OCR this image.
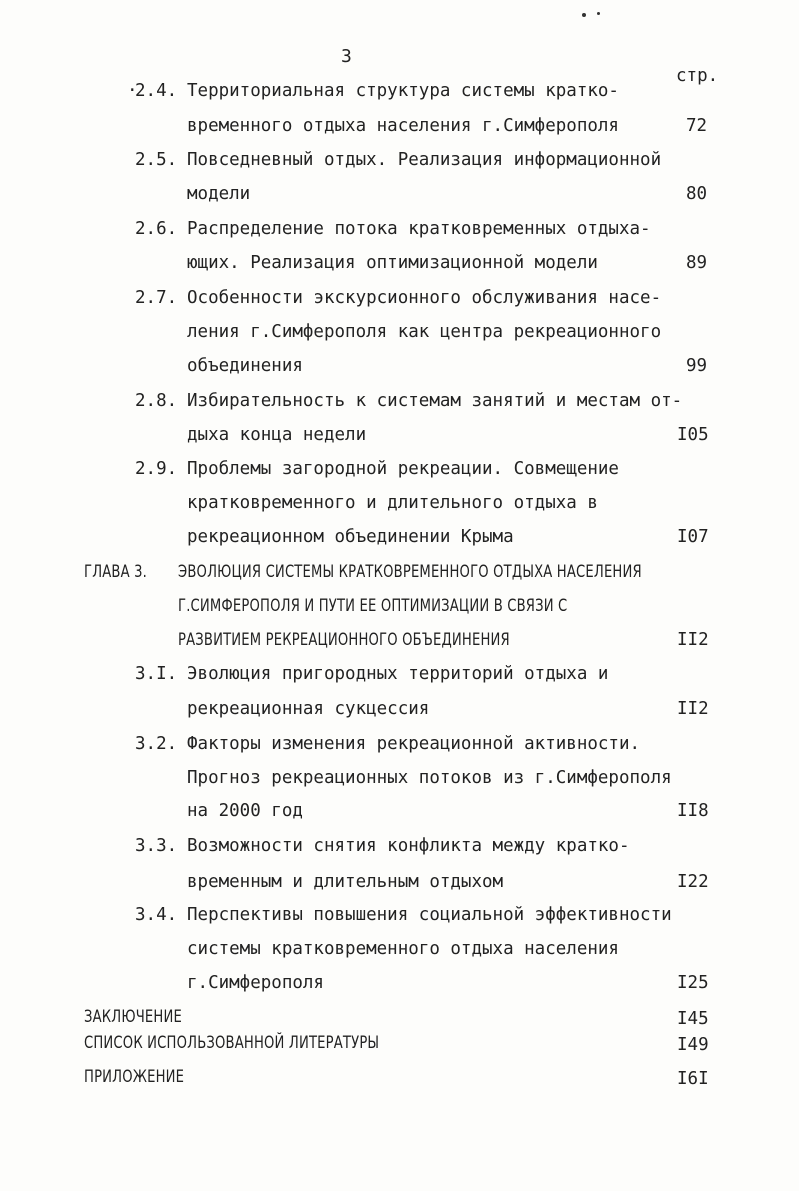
3
стр.
·
2.4. Территориальная структура системы кратко-
временного отдыха населения г.Симферополя	72
2.5. Повседневный отдых. Реализация информационной
модели	80
2.6. Распределение потока кратковременных отдыха-
ющих. Реализация оптимизационной модели	89
2.7. Особенности экскурсионного обслуживания насе-
ления г.Симферополя как центра рекреационного
объединения	99
2.8. Избирательность к системам занятий и местам от-
дыха конца недели	I05
2.9. Проблемы загородной рекреации. Совмещение
кратковременного и длительного отдыха в
рекреационном объединении Крыма	I07
ГЛАВА 3. ЭВОЛЮЦИЯ СИСТЕМЫ КРАТКОВРЕМЕННОГО ОТДЫХА НАСЕЛЕНИЯ
Г.СИМФЕРОПОЛЯ И ПУТИ ЕЕ ОПТИМИЗАЦИИ В СВЯЗИ С
РАЗВИТИЕМ РЕКРЕАЦИОННОГО ОБЪЕДИНЕНИЯ	II2
3.I. Эволюция пригородных территорий отдыха и
рекреационная сукцессия	II2
3.2. Факторы изменения рекреационной активности.
Прогноз рекреационных потоков из г.Симферополя
на 2000 год	II8
3.3. Возможности снятия конфликта между кратко-
временным и длительным отдыхом	I22
3.4. Перспективы повышения социальной эффективности
системы кратковременного отдыха населения
г.Симферополя	I25
ЗАКЛЮЧЕНИЕ	I45
СПИСОК ИСПОЛЬЗОВАННОЙ ЛИТЕРАТУРЫ	I49
ПРИЛОЖЕНИЕ	I6I
